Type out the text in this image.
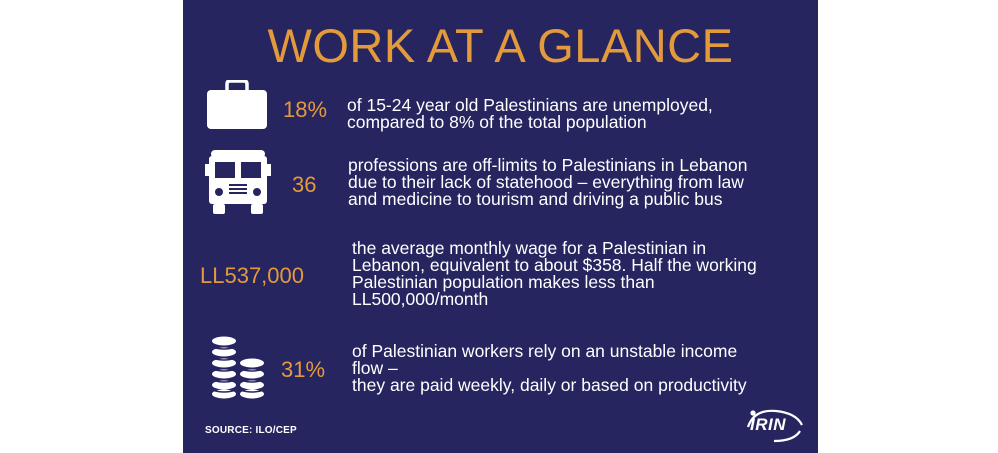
WORK AT A GLANCE
18% of 15-24 year old Palestinians are unemployed,
compared to 8% of the total population
36
professions are off-limits to Palestinians in Lebanon
due to their lack of statehood – everything from law
and medicine to tourism and driving a public bus
LL537,000
the average monthly wage for a Palestinian in
Lebanon, equivalent to about $358. Half the working
Palestinian population makes less than
LL500,000/month
31%
of Palestinian workers rely on an unstable income
flow –
they are paid weekly, daily or based on productivity
SOURCE: ILO/CEP	IRIN
